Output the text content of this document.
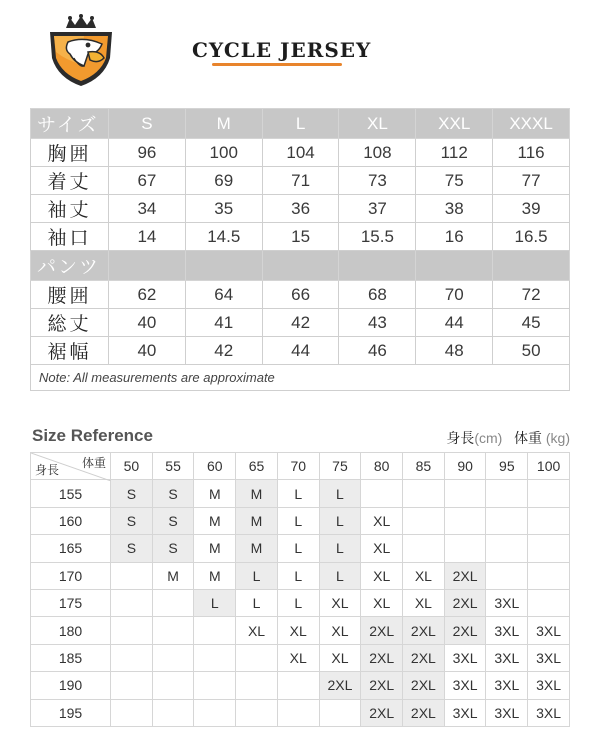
CYCLE JERSEY
サイズ	S	M	L	XL	XXL	XXXL
胸囲	96	100	104	108	112	116
着丈	67	69	71	73	75	77
袖丈	34	35	36	37	38	39
袖口	14	14.5	15	15.5	16	16.5
パンツ						
腰囲	62	64	66	68	70	72
総丈	40	41	42	43	44	45
裾幅	40	42	44	46	48	50
Note: All measurements are approximate						
Size Reference	身長(cm) 体重 (kg)
体重
身長	50	55	60	65	70	75	80	85	90	95	100
155	S	S	M	M	L	L					
160	S	S	M	M	L	L	XL				
165	S	S	M	M	L	L	XL				
170		M	M	L	L	L	XL	XL	2XL		
175			L	L	L	XL	XL	XL	2XL	3XL	
180				XL	XL	XL	2XL	2XL	2XL	3XL	3XL
185					XL	XL	2XL	2XL	3XL	3XL	3XL
190						2XL	2XL	2XL	3XL	3XL	3XL
195							2XL	2XL	3XL	3XL	3XL
